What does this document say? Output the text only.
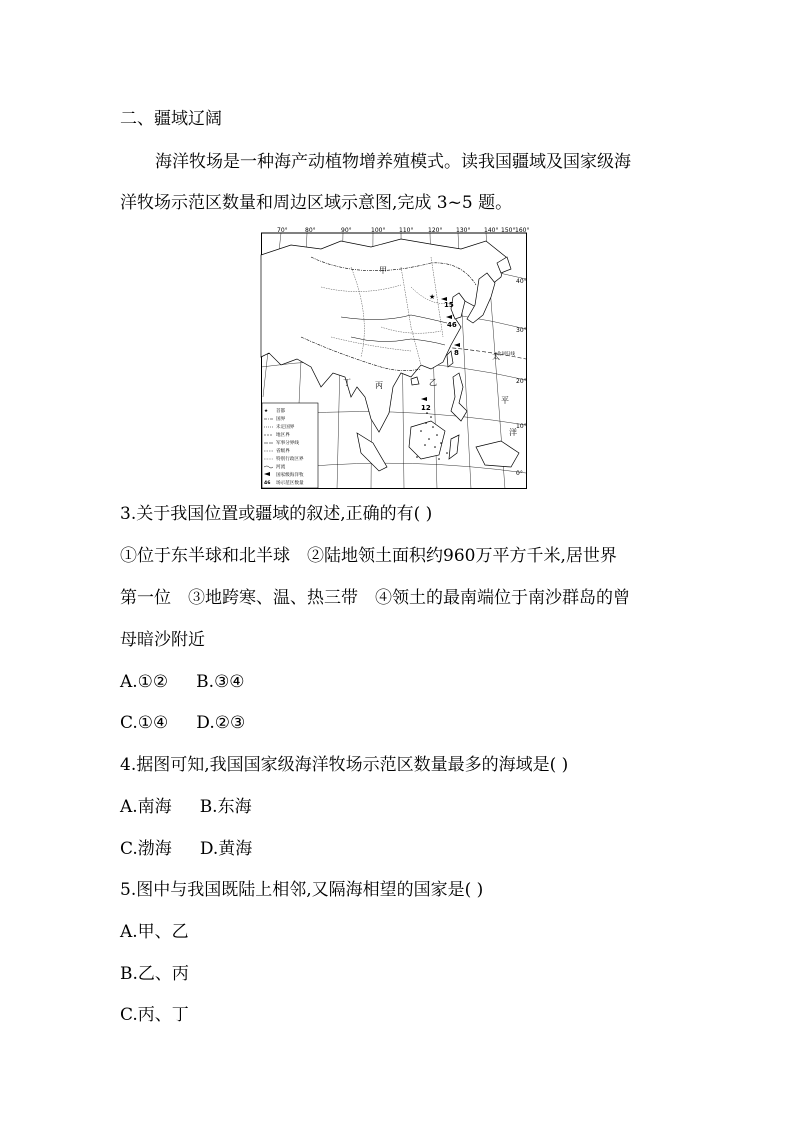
二、疆域辽阔
海洋牧场是一种海产动植物增养殖模式。读我国疆域及国家级海
洋牧场示范区数量和周边区域示意图,完成 3~5 题。
70°	80°	90°	100° 110° 120° 130° 140° 150° 160°
40°
30°
20°
10°
0°
北回归线
★
甲
乙
丙
丁
太
平
洋
15
46
8
12
★ 首都
国界
未定国界
地区界
军事分界线
省级界
特别行政区界
河流
国家级海洋牧
46 场示范区数量
3.关于我国位置或疆域的叙述,正确的有( )
①位于东半球和北半球　②陆地领土面积约960万平方千米,居世界
第一位　③地跨寒、温、热三带　④领土的最南端位于南沙群岛的曾
母暗沙附近
A.①② B.③④
C.①④ D.②③
4.据图可知,我国国家级海洋牧场示范区数量最多的海域是( )
A.南海 B.东海
C.渤海 D.黄海
5.图中与我国既陆上相邻,又隔海相望的国家是( )
A.甲、乙
B.乙、丙
C.丙、丁
